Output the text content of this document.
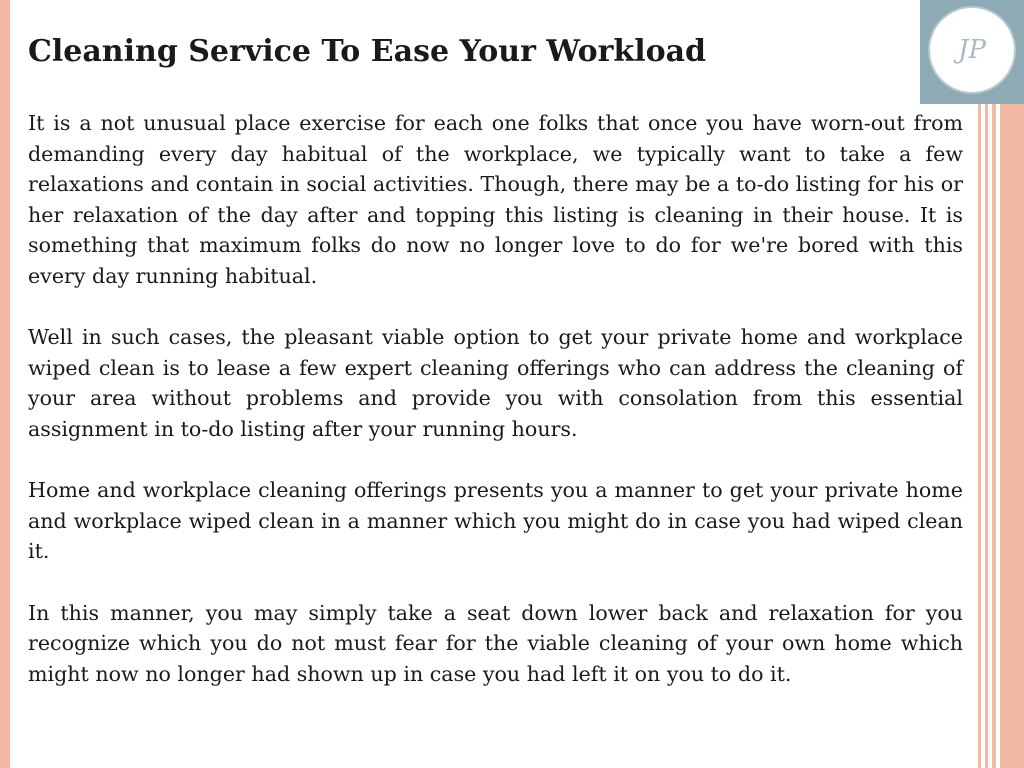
JP
Cleaning Service To Ease Your Workload

It is a not unusual place exercise for each one folks that once you have worn-out from demanding every day habitual of the workplace, we typically want to take a few relaxations and contain in social activities. Though, there may be a to-do listing for his or her relaxation of the day after and topping this listing is cleaning in their house. It is something that maximum folks do now no longer love to do for we're bored with this every day running habitual.

Well in such cases, the pleasant viable option to get your private home and workplace wiped clean is to lease a few expert cleaning offerings who can address the cleaning of your area without problems and provide you with consolation from this essential assignment in to-do listing after your running hours.

Home and workplace cleaning offerings presents you a manner to get your private home and workplace wiped clean in a manner which you might do in case you had wiped clean it.

In this manner, you may simply take a seat down lower back and relaxation for you recognize which you do not must fear for the viable cleaning of your own home which might now no longer had shown up in case you had left it on you to do it.
